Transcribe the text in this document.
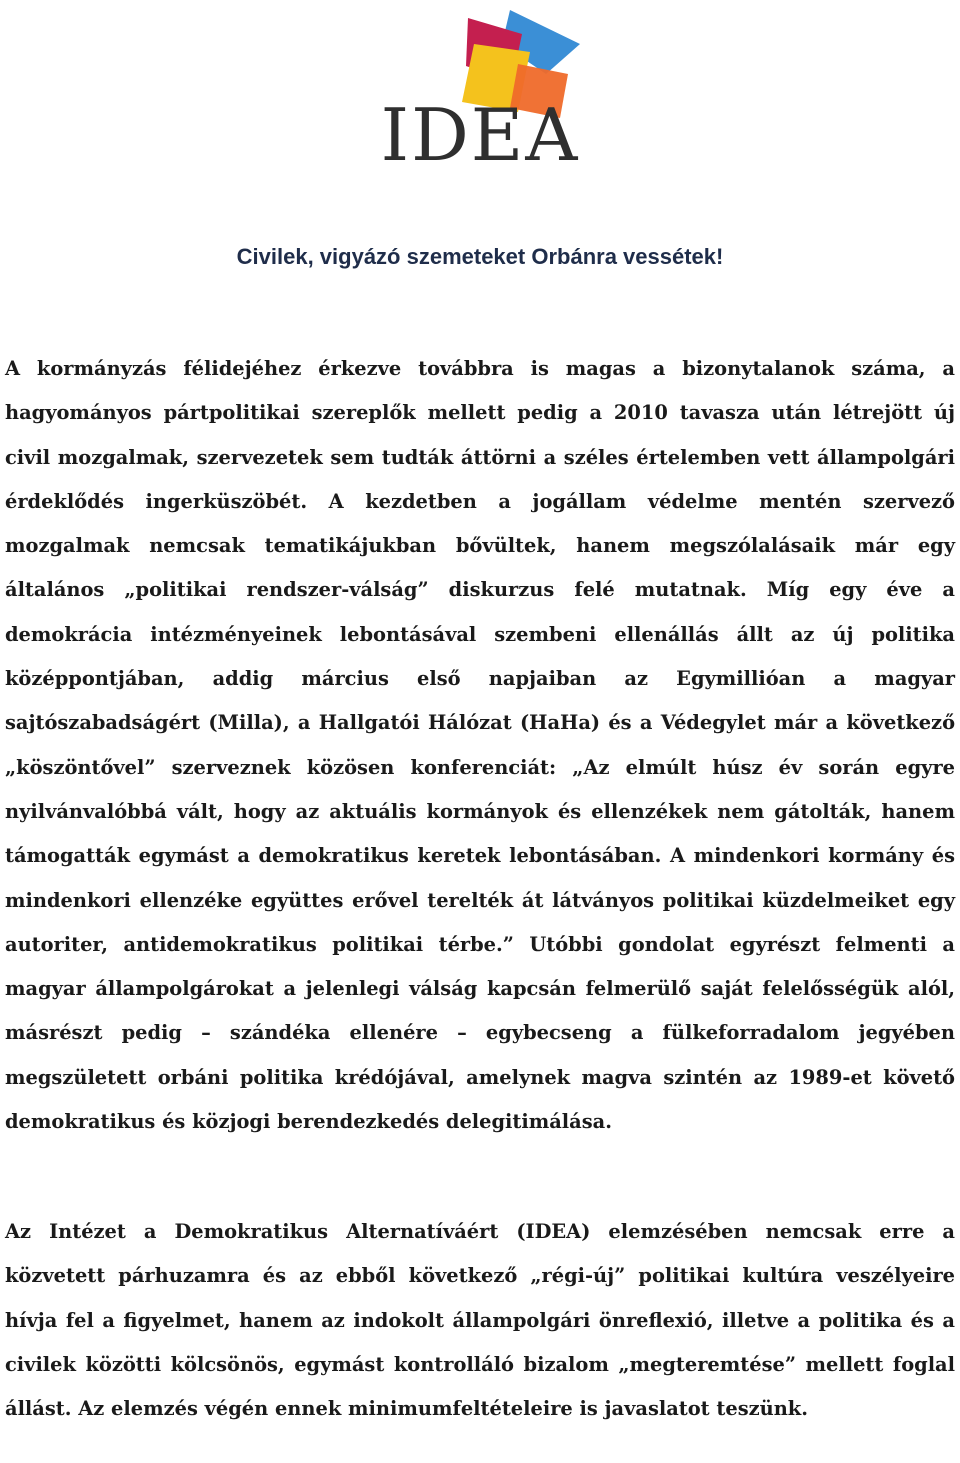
IDEA
Civilek, vigyázó szemeteket Orbánra vessétek!

A kormányzás félidejéhez érkezve továbbra is magas a bizonytalanok száma, a hagyományos pártpolitikai szereplők mellett pedig a 2010 tavasza után létrejött új civil mozgalmak, szervezetek sem tudták áttörni a széles értelemben vett állampolgári érdeklődés ingerküszöbét. A kezdetben a jogállam védelme mentén szervező mozgalmak nemcsak tematikájukban bővültek, hanem megszólalásaik már egy általános „politikai rendszer-válság” diskurzus felé mutatnak. Míg egy éve a demokrácia intézményeinek lebontásával szembeni ellenállás állt az új politika középpontjában, addig március első napjaiban az Egymillióan a magyar sajtószabadságért (Milla), a Hallgatói Hálózat (HaHa) és a Védegylet már a következő „köszöntővel” szerveznek közösen konferenciát: „Az elmúlt húsz év során egyre nyilvánvalóbbá vált, hogy az aktuális kormányok és ellenzékek nem gátolták, hanem támogatták egymást a demokratikus keretek lebontásában. A mindenkori kormány és mindenkori ellenzéke együttes erővel terelték át látványos politikai küzdelmeiket egy autoriter, antidemokratikus politikai térbe.” Utóbbi gondolat egyrészt felmenti a magyar állampolgárokat a jelenlegi válság kapcsán felmerülő saját felelősségük alól, másrészt pedig – szándéka ellenére – egybecseng a fülkeforradalom jegyében megszületett orbáni politika krédójával, amelynek magva szintén az 1989-et követő demokratikus és közjogi berendezkedés delegitimálása.

Az Intézet a Demokratikus Alternatíváért (IDEA) elemzésében nemcsak erre a közvetett párhuzamra és az ebből következő „régi-új” politikai kultúra veszélyeire hívja fel a figyelmet, hanem az indokolt állampolgári önreflexió, illetve a politika és a civilek közötti kölcsönös, egymást kontrolláló bizalom „megteremtése” mellett foglal állást. Az elemzés végén ennek minimumfeltételeire is javaslatot teszünk.
